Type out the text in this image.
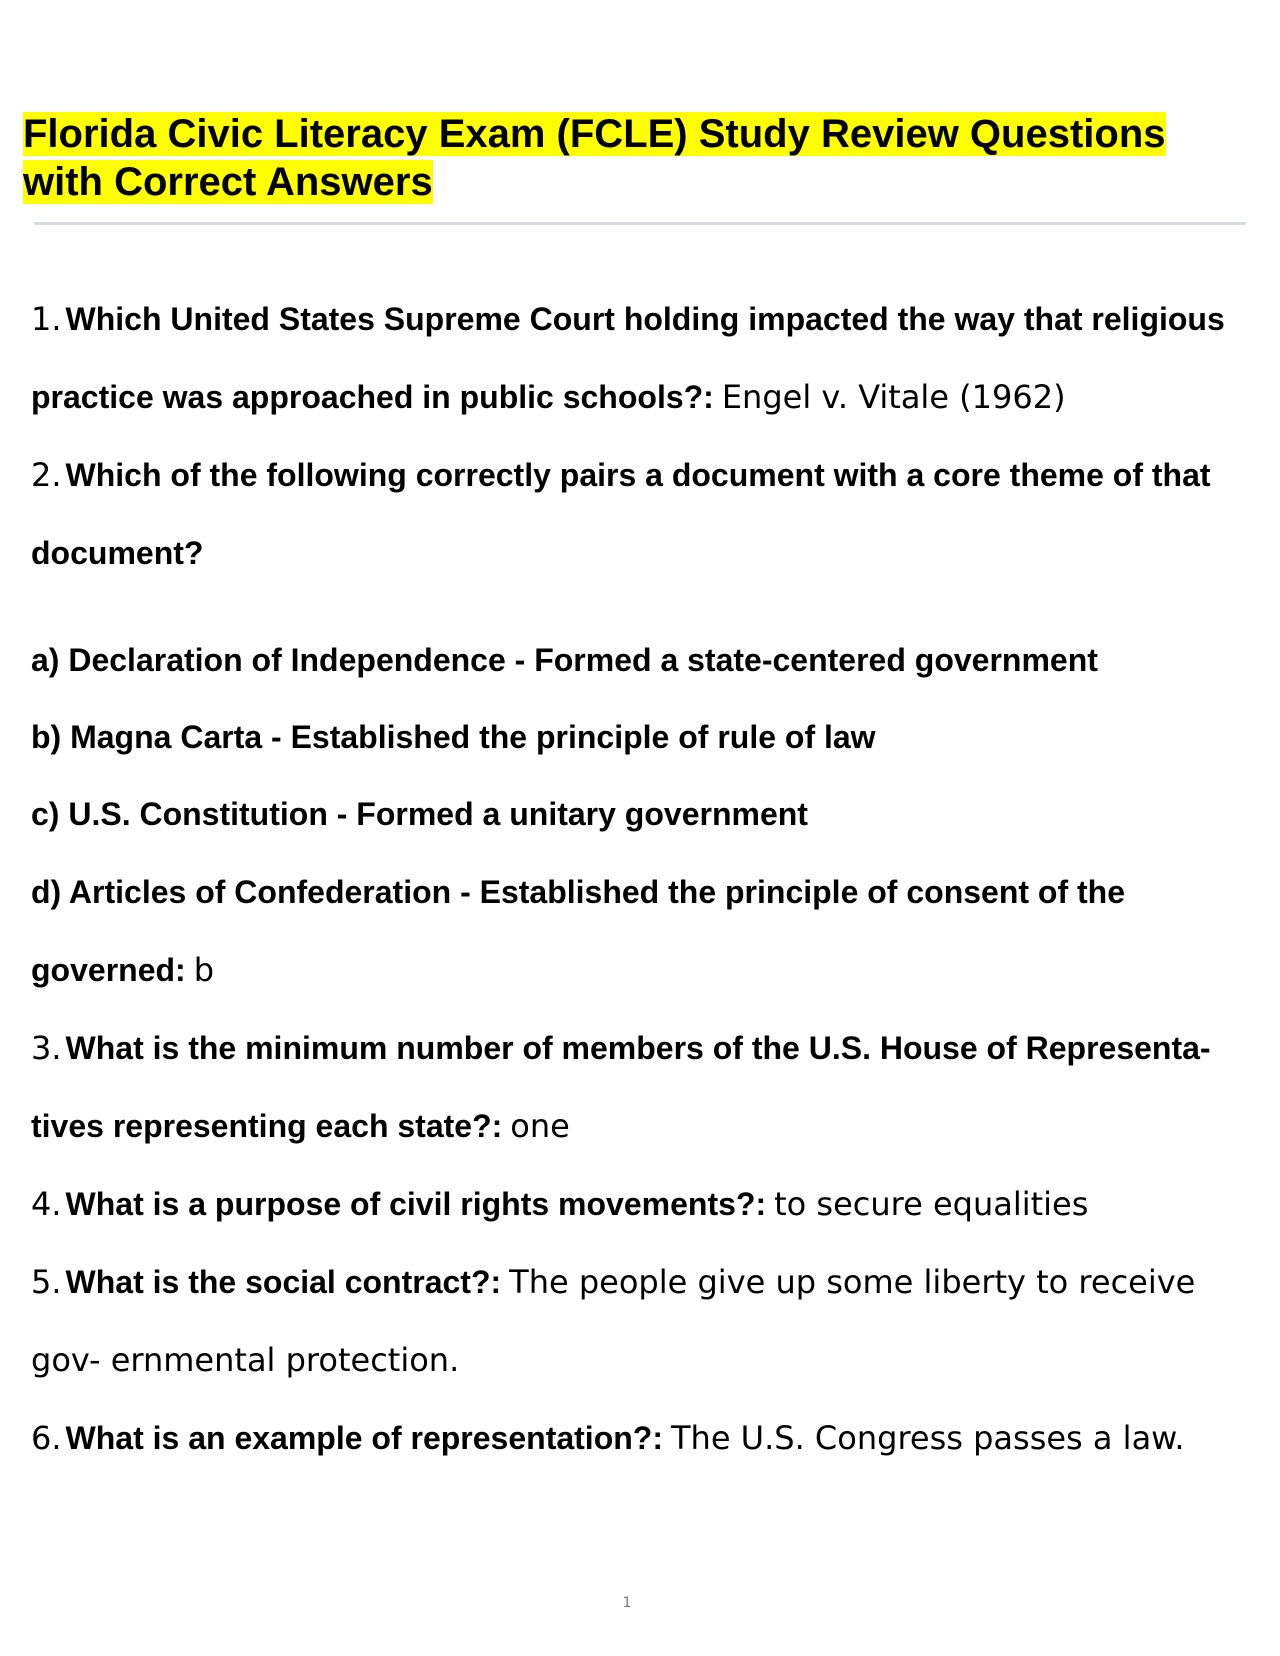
Florida Civic Literacy Exam (FCLE) Study Review Questions with Correct Answers

1. Which United States Supreme Court holding impacted the way that religious practice was approached in public schools?: Engel v. Vitale (1962)

2. Which of the following correctly pairs a document with a core theme of that document?

a) Declaration of Independence - Formed a state-centered government

b) Magna Carta - Established the principle of rule of law

c) U.S. Constitution - Formed a unitary government

d) Articles of Confederation - Established the principle of consent of the governed: b

3. What is the minimum number of members of the U.S. House of Representa- tives representing each state?: one

4. What is a purpose of civil rights movements?: to secure equalities

5. What is the social contract?: The people give up some liberty to receive gov- ernmental protection.

6. What is an example of representation?: The U.S. Congress passes a law.

1
